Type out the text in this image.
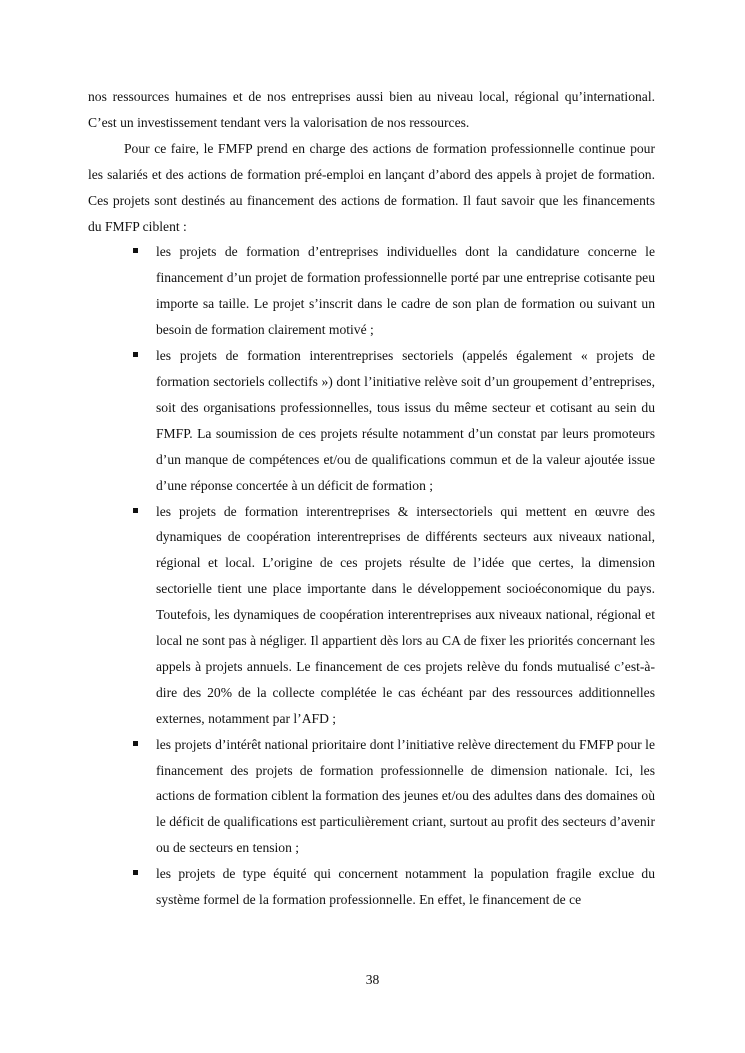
nos ressources humaines et de nos entreprises aussi bien au niveau local, régional qu’international. C’est un investissement tendant vers la valorisation de nos ressources.

Pour ce faire, le FMFP prend en charge des actions de formation professionnelle continue pour les salariés et des actions de formation pré-emploi en lançant d’abord des appels à projet de formation. Ces projets sont destinés au financement des actions de formation. Il faut savoir que les financements du FMFP ciblent :

les projets de formation d’entreprises individuelles dont la candidature concerne le financement d’un projet de formation professionnelle porté par une entreprise cotisante peu importe sa taille. Le projet s’inscrit dans le cadre de son plan de formation ou suivant un besoin de formation clairement motivé ;
les projets de formation interentreprises sectoriels (appelés également « projets de formation sectoriels collectifs ») dont l’initiative relève soit d’un groupement d’entreprises, soit des organisations professionnelles, tous issus du même secteur et cotisant au sein du FMFP. La soumission de ces projets résulte notamment d’un constat par leurs promoteurs d’un manque de compétences et/ou de qualifications commun et de la valeur ajoutée issue d’une réponse concertée à un déficit de formation ;
les projets de formation interentreprises & intersectoriels qui mettent en œuvre des dynamiques de coopération interentreprises de différents secteurs aux niveaux national, régional et local. L’origine de ces projets résulte de l’idée que certes, la dimension sectorielle tient une place importante dans le développement socioéconomique du pays. Toutefois, les dynamiques de coopération interentreprises aux niveaux national, régional et local ne sont pas à négliger. Il appartient dès lors au CA de fixer les priorités concernant les appels à projets annuels. Le financement de ces projets relève du fonds mutualisé c’est-à-dire des 20% de la collecte complétée le cas échéant par des ressources additionnelles externes, notamment par l’AFD ;
les projets d’intérêt national prioritaire dont l’initiative relève directement du FMFP pour le financement des projets de formation professionnelle de dimension nationale. Ici, les actions de formation ciblent la formation des jeunes et/ou des adultes dans des domaines où le déficit de qualifications est particulièrement criant, surtout au profit des secteurs d’avenir ou de secteurs en tension ;
les projets de type équité qui concernent notamment la population fragile exclue du système formel de la formation professionnelle. En effet, le financement de ce
38
